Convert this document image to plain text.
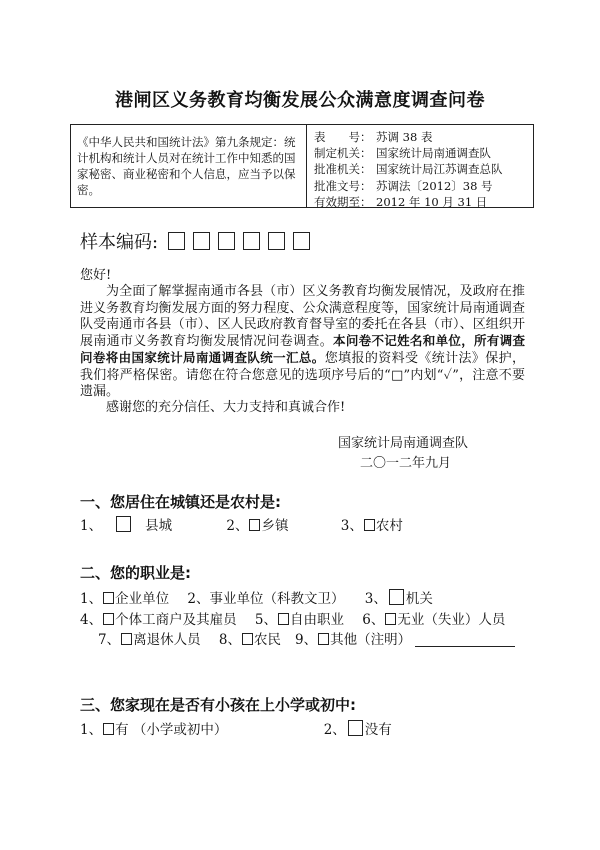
港闸区义务教育均衡发展公众满意度调查问卷
《中华人民共和国统计法》第九条规定：统计机构和统计人员对在统计工作中知悉的国家秘密、商业秘密和个人信息，应当予以保密。
表　　号： 苏调 38 表
制定机关： 国家统计局南通调查队
批准机关： 国家统计局江苏调查总队
批准文号： 苏调法〔2012〕38 号
有效期至： 2012 年 10 月 31 日
样本编码:

您好!

为全面了解掌握南通市各县（市）区义务教育均衡发展情况，及政府在推进义务教育均衡发展方面的努力程度、公众满意程度等，国家统计局南通调查队受南通市各县（市）、区人民政府教育督导室的委托在各县（市）、区组织开展南通市义务教育均衡发展情况问卷调查。本问卷不记姓名和单位，所有调查问卷将由国家统计局南通调查队统一汇总。您填报的资料受《统计法》保护，我们将严格保密。请您在符合您意见的选项序号后的“□”内划“✓”，注意不要遗漏。

感谢您的充分信任、大力支持和真诚合作!

国家统计局南通调查队
二〇一二年九月
一、您居住在城镇还是农村是:
1、	县城	2、 乡镇	3、 农村
二、您的职业是:
1、 企业单位 2、事业单位（科教文卫） 3、 机关
4、 个体工商户及其雇员 5、 自由职业 6、 无业（失业）人员7、 离退休人员 8、 农民 9、 其他（注明）
三、您家现在是否有小孩在上小学或初中:
1、 有 （小学或初中）	2、 没有
